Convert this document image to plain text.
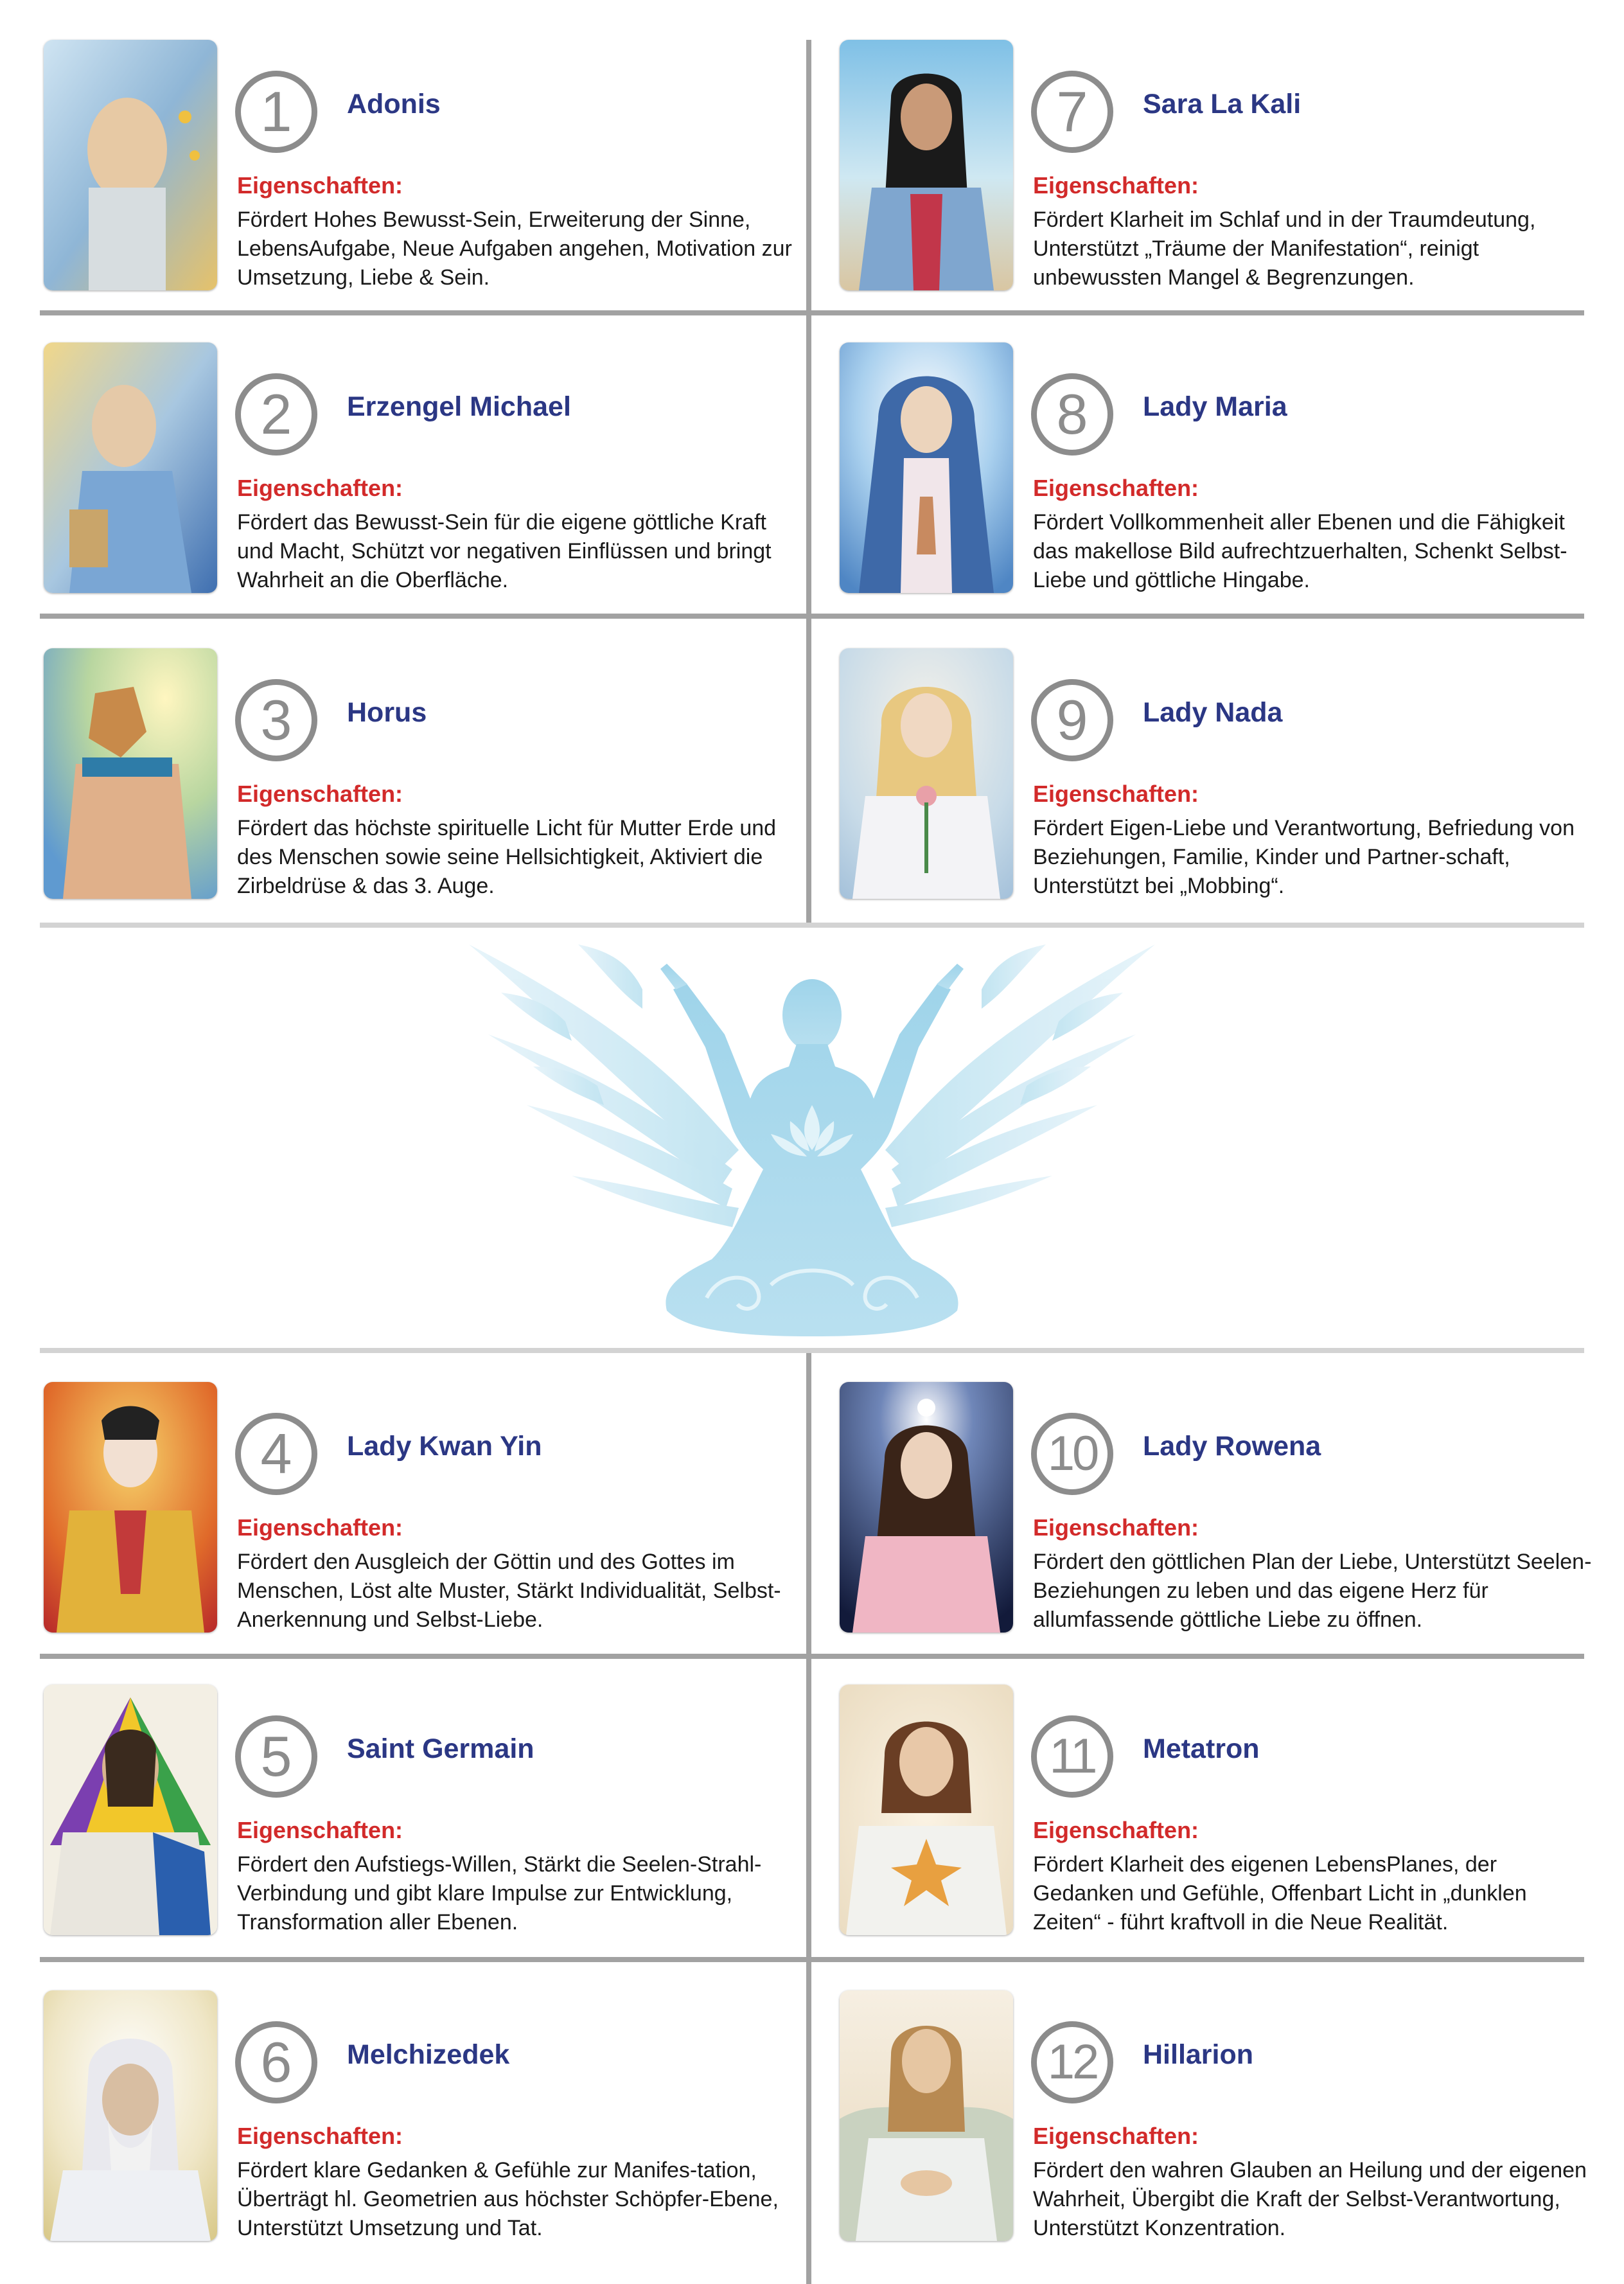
1	Adonis
Eigenschaften:
Fördert Hohes Bewusst-Sein, Erweiterung der Sinne, LebensAufgabe, Neue Aufgaben angehen, Motivation zur Umsetzung, Liebe & Sein.
2	Erzengel Michael
Eigenschaften:
Fördert das Bewusst-Sein für die eigene göttliche Kraft und Macht, Schützt vor negativen Einflüssen und bringt Wahrheit an die Oberfläche.
3	Horus
Eigenschaften:
Fördert das höchste spirituelle Licht für Mutter Erde und des Menschen sowie seine Hellsichtigkeit, Aktiviert die Zirbeldrüse & das 3. Auge.
4	Lady Kwan Yin
Eigenschaften:
Fördert den Ausgleich der Göttin und des Gottes im Menschen, Löst alte Muster, Stärkt Individualität, Selbst-Anerkennung und Selbst-Liebe.
5	Saint Germain
Eigenschaften:
Fördert den Aufstiegs-Willen, Stärkt die Seelen-Strahl-Verbindung und gibt klare Impulse zur Entwicklung, Transformation aller Ebenen.
6	Melchizedek
Eigenschaften:
Fördert klare Gedanken & Gefühle zur Manifes-tation, Überträgt hl. Geometrien aus höchster Schöpfer-Ebene, Unterstützt Umsetzung und Tat.
7	Sara La Kali
Eigenschaften:
Fördert Klarheit im Schlaf und in der Traumdeutung, Unterstützt „Träume der Manifestation“, reinigt unbewussten Mangel & Begrenzungen.
8	Lady Maria
Eigenschaften:
Fördert Vollkommenheit aller Ebenen und die Fähigkeit das makellose Bild aufrechtzuerhalten, Schenkt Selbst-Liebe und göttliche Hingabe.
9	Lady Nada
Eigenschaften:
Fördert Eigen-Liebe und Verantwortung, Befriedung von Beziehungen, Familie, Kinder und Partner-schaft, Unterstützt bei „Mobbing“.
10	Lady Rowena
Eigenschaften:
Fördert den göttlichen Plan der Liebe, Unterstützt Seelen-Beziehungen zu leben und das eigene Herz für allumfassende göttliche Liebe zu öffnen.
11	Metatron
Eigenschaften:
Fördert Klarheit des eigenen LebensPlanes, der Gedanken und Gefühle, Offenbart Licht in „dunklen Zeiten“ - führt kraftvoll in die Neue Realität.
12	Hillarion
Eigenschaften:
Fördert den wahren Glauben an Heilung und der eigenen Wahrheit, Übergibt die Kraft der Selbst-Verantwortung, Unterstützt Konzentration.
